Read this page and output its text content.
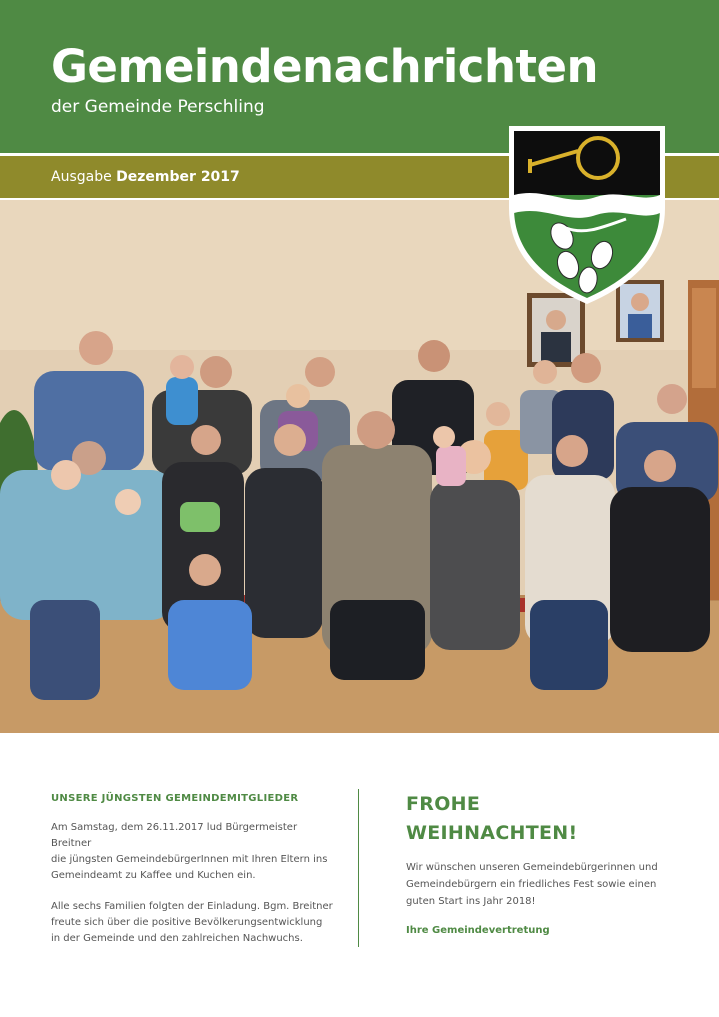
Gemeindenachrichten
der Gemeinde Perschling
Ausgabe Dezember 2017
UNSERE JÜNGSTEN GEMEINDEMITGLIEDER

Am Samstag, dem 26.11.2017 lud Bürgermeister Breitner
die jüngsten GemeindebürgerInnen mit Ihren Eltern ins
Gemeindeamt zu Kaffee und Kuchen ein.

Alle sechs Familien folgten der Einladung. Bgm. Breitner
freute sich über die positive Bevölkerungsentwicklung
in der Gemeinde und den zahlreichen Nachwuchs.

FROHE
WEIHNACHTEN!

Wir wünschen unseren Gemeindebürgerinnen und
Gemeindebürgern ein friedliches Fest sowie einen
guten Start ins Jahr 2018!

Ihre Gemeindevertretung
